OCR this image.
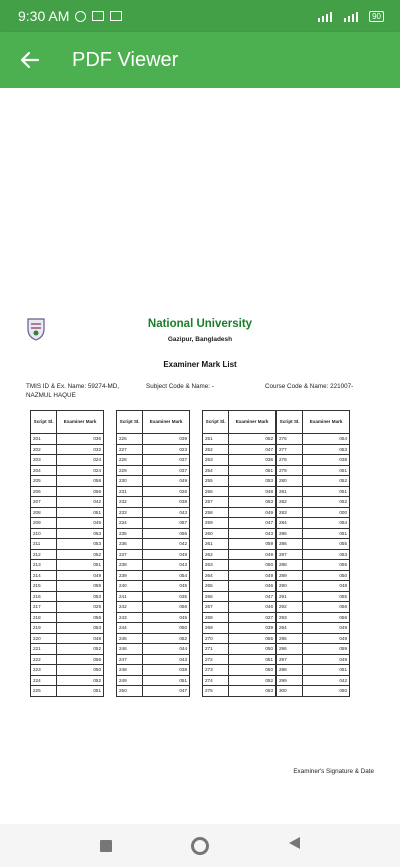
9:30 AM	90
PDF Viewer
National University
Gazipur, Bangladesh
Examiner Mark List
TMIS ID & Ex. Name: 59274-MD,
NAZMUL HAQUE
Subject Code & Name: -	Course Code & Name: 221007-
Script Sl.	Examiner Mark
201	036
202	032
203	024
204	024
205	058
206	056
207	042
208	051
209	045
210	053
211	053
212	052
213	051
214	049
215	059
216	053
217	029
218	056
219	053
220	048
221	052
222	056
223	050
224	052
225	051
Script Sl.	Examiner Mark
226	039
227	023
228	037
229	037
230	049
231	026
232	038
233	043
234	057
235	056
236	042
237	049
238	043
239	054
240	045
241	035
242	056
243	045
244	050
245	052
246	044
247	043
248	038
249	051
250	047
Script Sl.	Examiner Mark
251	052
252	047
253	036
254	051
255	053
256	048
257	053
258	049
259	047
260	043
261	059
262	049
263	050
264	049
265	046
266	047
267	046
268	027
269	039
270	055
271	050
272	051
273	050
274	052
275	053
Script Sl.	Examiner Mark
276	054
277	053
278	038
279	051
280	052
281	051
282	052
283	000
284	054
285	051
286	055
287	053
288	056
289	050
290	048
291	055
292	056
293	056
294	049
295	049
296	059
297	049
298	051
299	042
300	050
Examiner's Signature & Date
